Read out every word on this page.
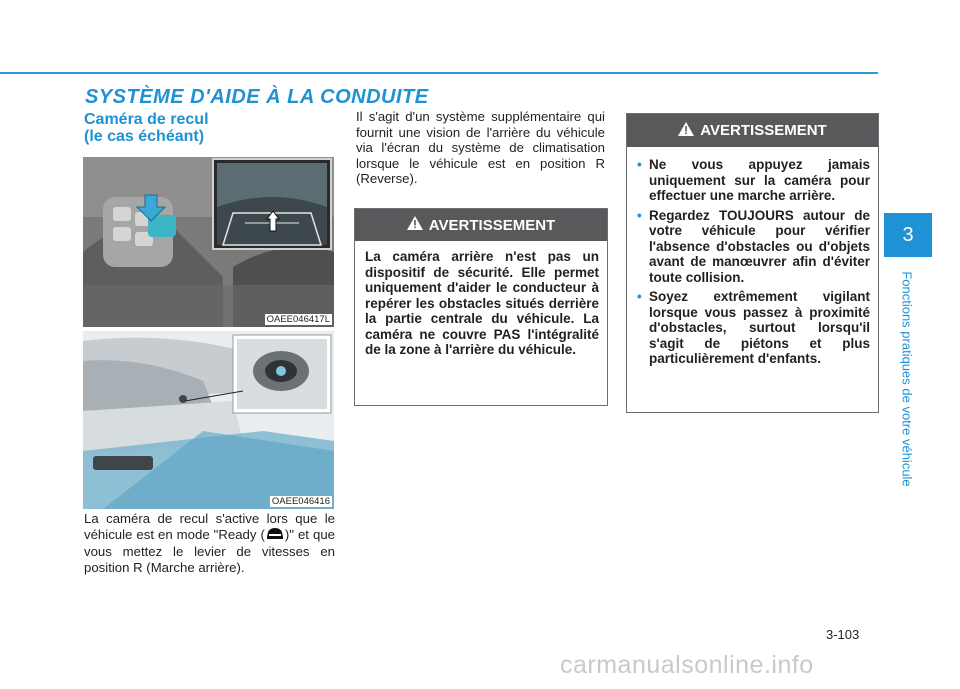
SYSTÈME D'AIDE À LA CONDUITE
Caméra de recul
(le cas échéant)
OAEE046417L
OAEE046416
La caméra de recul s'active lors que le véhicule est en mode "Ready ( )" et que vous mettez le levier de vitesses en position R (Marche arrière).
Il s'agit d'un système supplémentaire qui fournit une vision de l'arrière du véhicule via l'écran du système de climatisation lorsque le véhicule est en position R (Reverse).
AVERTISSEMENT
La caméra arrière n'est pas un dispositif de sécurité. Elle permet uniquement d'aider le conducteur à repérer les obstacles situés derrière la partie centrale du véhicule. La caméra ne couvre PAS l'intégralité de la zone à l'arrière du véhicule.
AVERTISSEMENT
• Ne vous appuyez jamais uniquement sur la caméra pour effectuer une marche arrière.
• Regardez TOUJOURS autour de votre véhicule pour vérifier l'absence d'obstacles ou d'objets avant de manœuvrer afin d'éviter toute collision.
• Soyez extrêmement vigilant lorsque vous passez à proximité d'obstacles, surtout lorsqu'il s'agit de piétons et plus particulièrement d'enfants.
3
Fonctions pratiques de votre véhicule
3-103
carmanualsonline.info
